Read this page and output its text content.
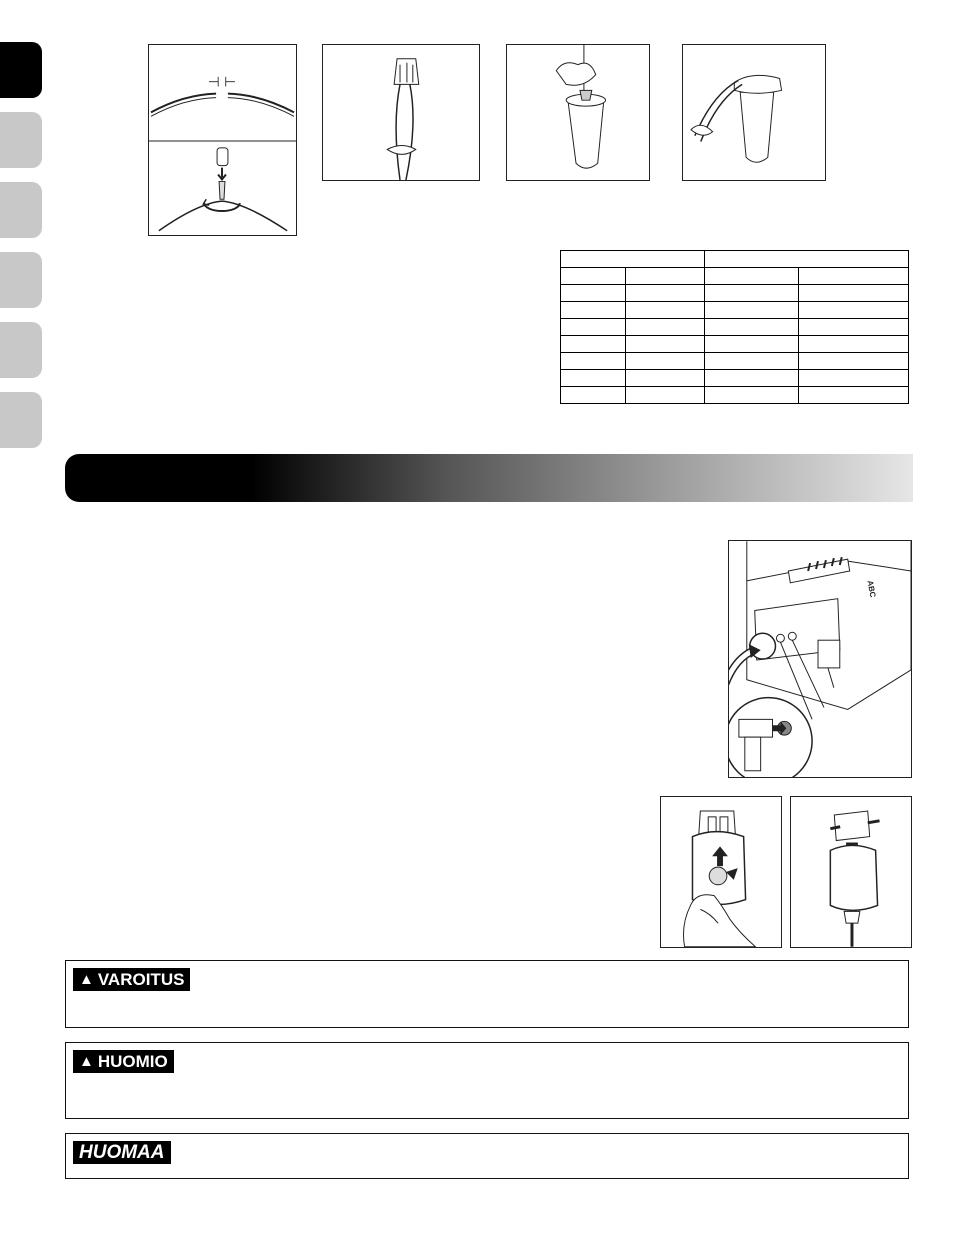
⊣ ⊢

ABC
▲ VAROITUS
▲ HUOMIO
HUOMAA
